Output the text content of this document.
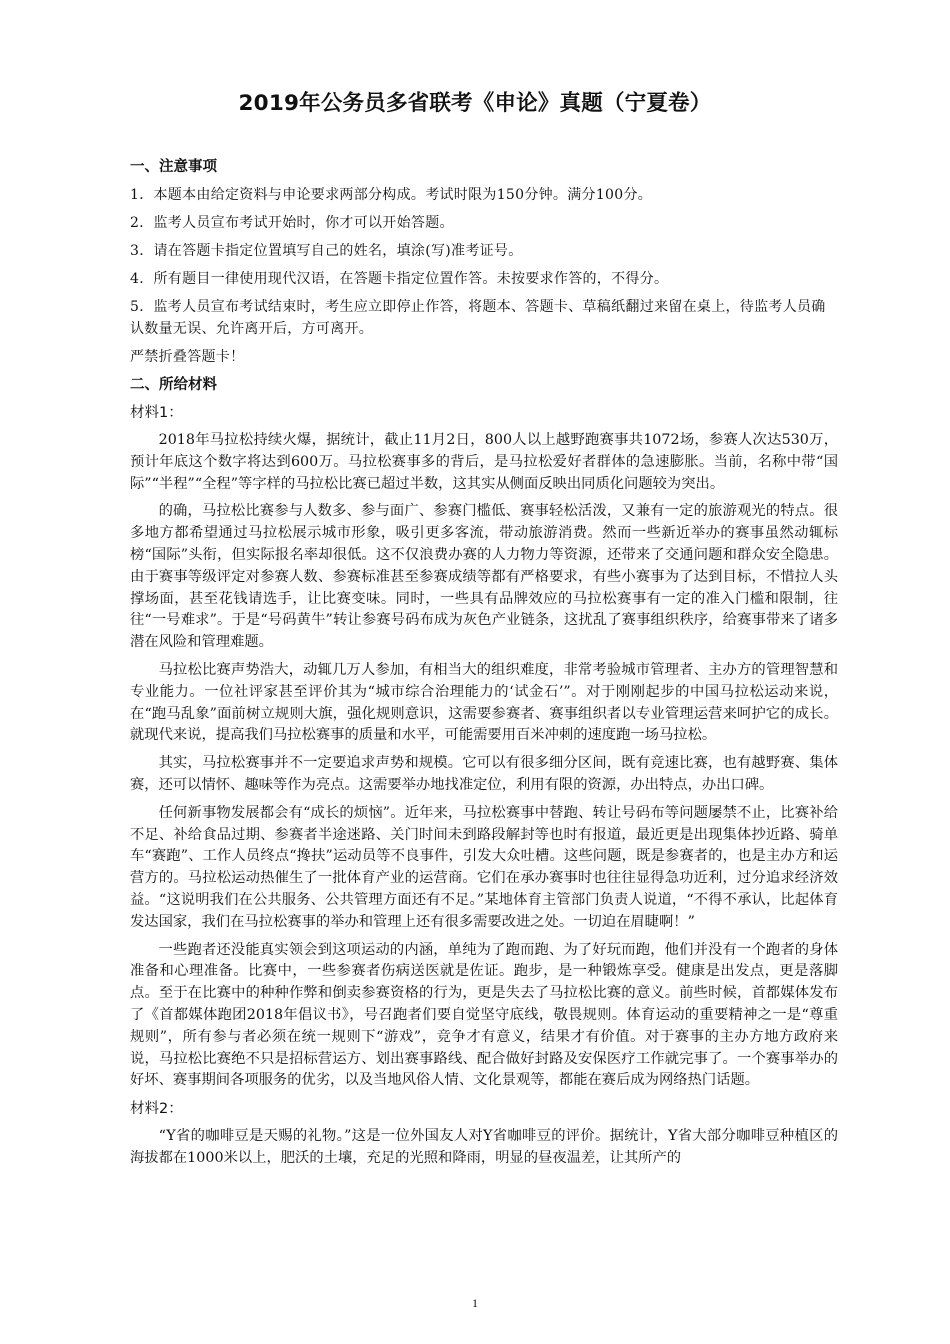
2019年公务员多省联考《申论》真题（宁夏卷）
一、注意事项
1．本题本由给定资料与申论要求两部分构成。考试时限为150分钟。满分100分。
2．监考人员宣布考试开始时，你才可以开始答题。
3．请在答题卡指定位置填写自己的姓名，填涂(写)准考证号。
4．所有题目一律使用现代汉语，在答题卡指定位置作答。未按要求作答的，不得分。
5．监考人员宣布考试结束时，考生应立即停止作答，将题本、答题卡、草稿纸翻过来留在桌上，待监考人员确认数量无误、允许离开后，方可离开。
严禁折叠答题卡！
二、所给材料
材料1：

2018年马拉松持续火爆，据统计，截止11月2日，800人以上越野跑赛事共1072场，参赛人次达530万，预计年底这个数字将达到600万。马拉松赛事多的背后，是马拉松爱好者群体的急速膨胀。当前，名称中带“国际”“半程”“全程”等字样的马拉松比赛已超过半数，这其实从侧面反映出同质化问题较为突出。

的确，马拉松比赛参与人数多、参与面广、参赛门槛低、赛事轻松活泼，又兼有一定的旅游观光的特点。很多地方都希望通过马拉松展示城市形象，吸引更多客流，带动旅游消费。然而一些新近举办的赛事虽然动辄标榜“国际”头衔，但实际报名率却很低。这不仅浪费办赛的人力物力等资源，还带来了交通问题和群众安全隐患。由于赛事等级评定对参赛人数、参赛标准甚至参赛成绩等都有严格要求，有些小赛事为了达到目标，不惜拉人头撑场面，甚至花钱请选手，让比赛变味。同时，一些具有品牌效应的马拉松赛事有一定的准入门槛和限制，往往“一号难求”。于是“号码黄牛”转让参赛号码布成为灰色产业链条，这扰乱了赛事组织秩序，给赛事带来了诸多潜在风险和管理难题。

马拉松比赛声势浩大，动辄几万人参加，有相当大的组织难度，非常考验城市管理者、主办方的管理智慧和专业能力。一位社评家甚至评价其为“城市综合治理能力的‘试金石’”。对于刚刚起步的中国马拉松运动来说，在“跑马乱象”面前树立规则大旗，强化规则意识，这需要参赛者、赛事组织者以专业管理运营来呵护它的成长。就现代来说，提高我们马拉松赛事的质量和水平，可能需要用百米冲刺的速度跑一场马拉松。

其实，马拉松赛事并不一定要追求声势和规模。它可以有很多细分区间，既有竞速比赛，也有越野赛、集体赛，还可以情怀、趣味等作为亮点。这需要举办地找准定位，利用有限的资源，办出特点，办出口碑。

任何新事物发展都会有“成长的烦恼”。近年来，马拉松赛事中替跑、转让号码布等问题屡禁不止，比赛补给不足、补给食品过期、参赛者半途迷路、关门时间未到路段解封等也时有报道，最近更是出现集体抄近路、骑单车“赛跑”、工作人员终点“搀扶”运动员等不良事件，引发大众吐槽。这些问题，既是参赛者的，也是主办方和运营方的。马拉松运动热催生了一批体育产业的运营商。它们在承办赛事时也往往显得急功近利，过分追求经济效益。“这说明我们在公共服务、公共管理方面还有不足。”某地体育主管部门负责人说道，“不得不承认，比起体育发达国家，我们在马拉松赛事的举办和管理上还有很多需要改进之处。一切迫在眉睫啊！”

一些跑者还没能真实领会到这项运动的内涵，单纯为了跑而跑、为了好玩而跑，他们并没有一个跑者的身体准备和心理准备。比赛中，一些参赛者伤病送医就是佐证。跑步，是一种锻炼享受。健康是出发点，更是落脚点。至于在比赛中的种种作弊和倒卖参赛资格的行为，更是失去了马拉松比赛的意义。前些时候，首都媒体发布了《首都媒体跑团2018年倡议书》，号召跑者们要自觉坚守底线，敬畏规则。体育运动的重要精神之一是“尊重规则”，所有参与者必须在统一规则下“游戏”，竞争才有意义，结果才有价值。对于赛事的主办方地方政府来说，马拉松比赛绝不只是招标营运方、划出赛事路线、配合做好封路及安保医疗工作就完事了。一个赛事举办的好坏、赛事期间各项服务的优劣，以及当地风俗人情、文化景观等，都能在赛后成为网络热门话题。

材料2：

“Y省的咖啡豆是天赐的礼物。”这是一位外国友人对Y省咖啡豆的评价。据统计，Y省大部分咖啡豆种植区的海拔都在1000米以上，肥沃的土壤，充足的光照和降雨，明显的昼夜温差，让其所产的

1
